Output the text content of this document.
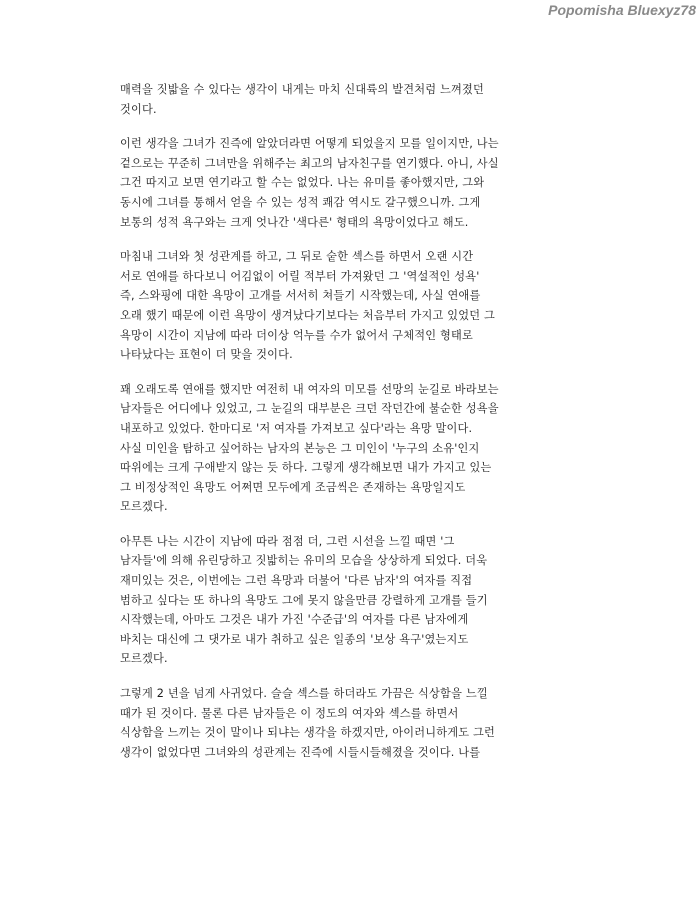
Popomisha Bluexyz78
매력을 짓밟을 수 있다는 생각이 내게는 마치 신대륙의 발견처럼 느껴졌던
것이다.
이런 생각을 그녀가 진즉에 알았더라면 어떻게 되었을지 모를 일이지만, 나는
겉으로는 꾸준히 그녀만을 위해주는 최고의 남자친구를 연기했다. 아니, 사실
그건 따지고 보면 연기라고 할 수는 없었다. 나는 유미를 좋아했지만, 그와
동시에 그녀를 통해서 얻을 수 있는 성적 쾌감 역시도 갈구했으니까. 그게
보통의 성적 욕구와는 크게 엇나간 '색다른' 형태의 욕망이었다고 해도.
마침내 그녀와 첫 성관계를 하고, 그 뒤로 숱한 섹스를 하면서 오랜 시간
서로 연애를 하다보니 어김없이 어릴 적부터 가져왔던 그 '역설적인 성욕'
즉, 스와핑에 대한 욕망이 고개를 서서히 쳐들기 시작했는데, 사실 연애를
오래 했기 때문에 이런 욕망이 생겨났다기보다는 처음부터 가지고 있었던 그
욕망이 시간이 지남에 따라 더이상 억누를 수가 없어서 구체적인 형태로
나타났다는 표현이 더 맞을 것이다.
꽤 오래도록 연애를 했지만 여전히 내 여자의 미모를 선망의 눈길로 바라보는
남자들은 어디에나 있었고, 그 눈길의 대부분은 크던 작던간에 불순한 성욕을
내포하고 있었다. 한마디로 '저 여자를 가져보고 싶다'라는 욕망 말이다.
사실 미인을 탐하고 싶어하는 남자의 본능은 그 미인이 '누구의 소유'인지
따위에는 크게 구애받지 않는 듯 하다. 그렇게 생각해보면 내가 가지고 있는
그 비정상적인 욕망도 어쩌면 모두에게 조금씩은 존재하는 욕망일지도
모르겠다.
아무튼 나는 시간이 지남에 따라 점점 더, 그런 시선을 느낄 때면 '그
남자들'에 의해 유린당하고 짓밟히는 유미의 모습을 상상하게 되었다. 더욱
재미있는 것은, 이번에는 그런 욕망과 더불어 '다른 남자'의 여자를 직접
범하고 싶다는 또 하나의 욕망도 그에 못지 않을만큼 강렬하게 고개를 들기
시작했는데, 아마도 그것은 내가 가진 '수준급'의 여자를 다른 남자에게
바치는 대신에 그 댓가로 내가 취하고 싶은 일종의 '보상 욕구'였는지도
모르겠다.
그렇게 2 년을 넘게 사귀었다. 슬슬 섹스를 하더라도 가끔은 식상함을 느낄
때가 된 것이다. 물론 다른 남자들은 이 정도의 여자와 섹스를 하면서
식상함을 느끼는 것이 말이나 되냐는 생각을 하겠지만, 아이러니하게도 그런
생각이 없었다면 그녀와의 성관계는 진즉에 시들시들해졌을 것이다. 나를
